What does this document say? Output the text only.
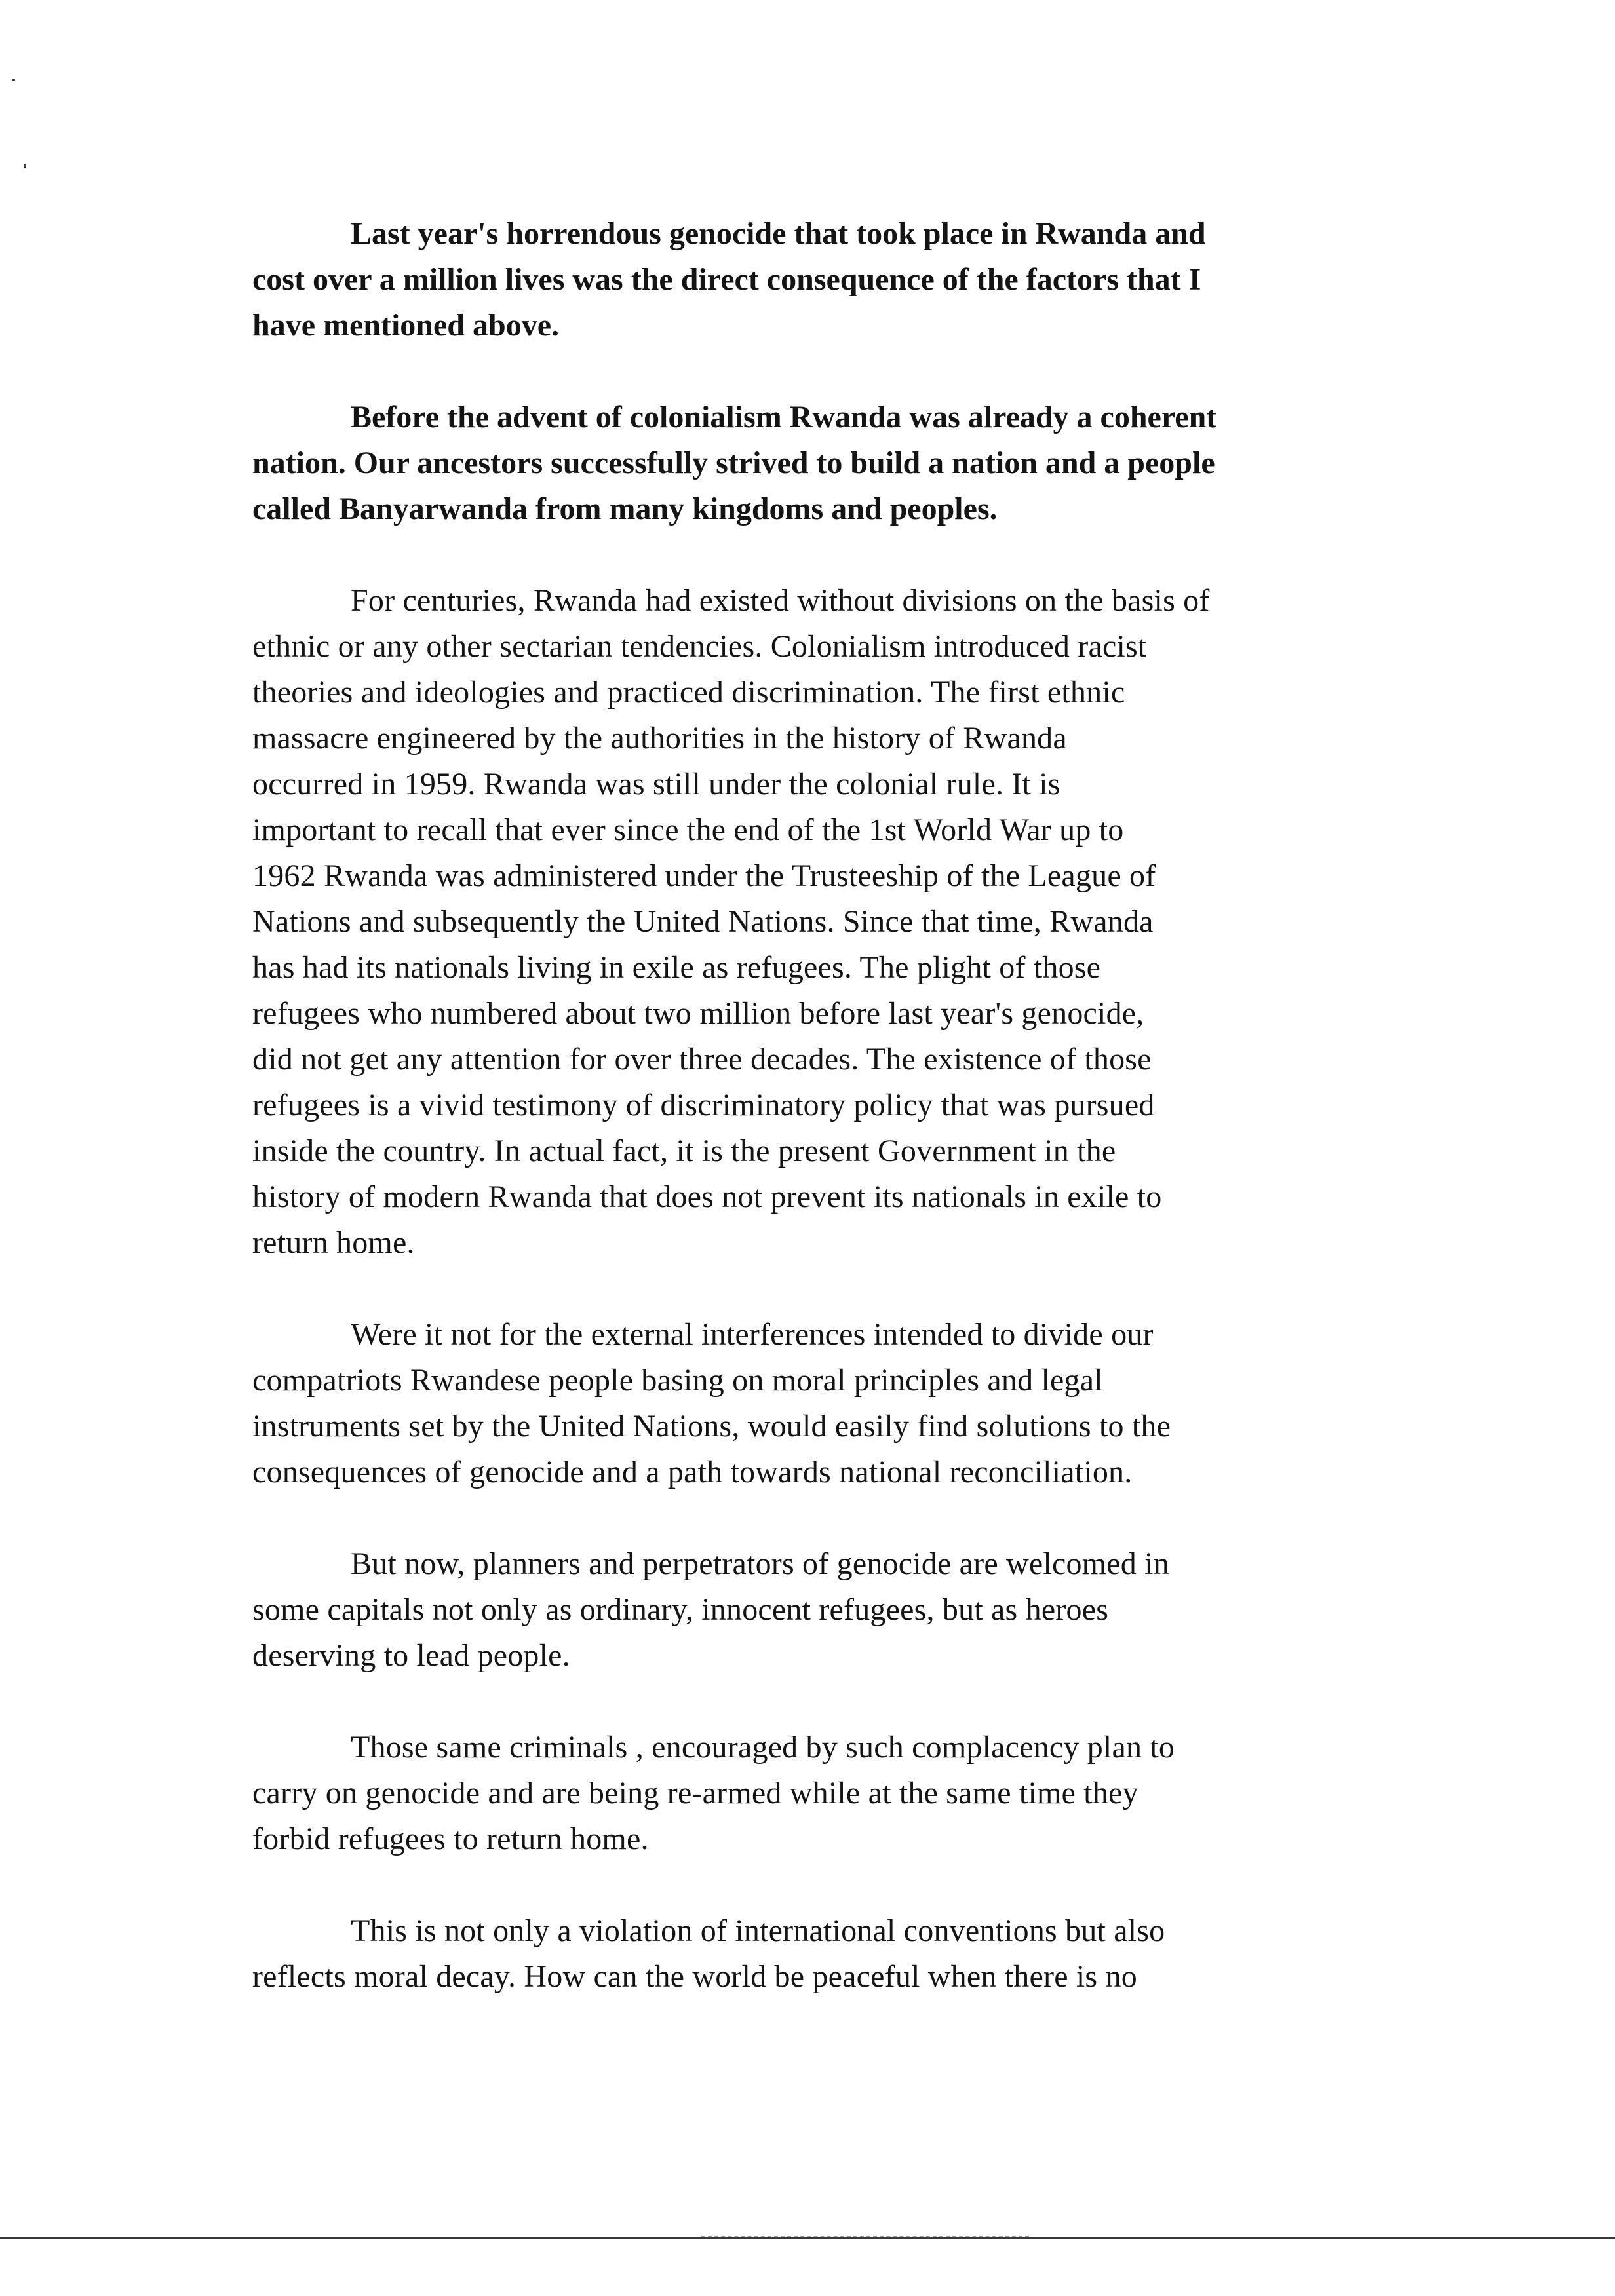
Last year's horrendous genocide that took place in Rwanda and
cost over a million lives was the direct consequence of the factors that I
have mentioned above.

Before the advent of colonialism Rwanda was already a coherent
nation. Our ancestors successfully strived to build a nation and a people
called Banyarwanda from many kingdoms and peoples.

For centuries, Rwanda had existed without divisions on the basis of
ethnic or any other sectarian tendencies. Colonialism introduced racist
theories and ideologies and practiced discrimination. The first ethnic
massacre engineered by the authorities in the history of Rwanda
occurred in 1959. Rwanda was still under the colonial rule. It is
important to recall that ever since the end of the 1st World War up to
1962 Rwanda was administered under the Trusteeship of the League of
Nations and subsequently the United Nations. Since that time, Rwanda
has had its nationals living in exile as refugees. The plight of those
refugees who numbered about two million before last year's genocide,
did not get any attention for over three decades. The existence of those
refugees is a vivid testimony of discriminatory policy that was pursued
inside the country. In actual fact, it is the present Government in the
history of modern Rwanda that does not prevent its nationals in exile to
return home.

Were it not for the external interferences intended to divide our
compatriots Rwandese people basing on moral principles and legal
instruments set by the United Nations, would easily find solutions to the
consequences of genocide and a path towards national reconciliation.

But now, planners and perpetrators of genocide are welcomed in
some capitals not only as ordinary, innocent refugees, but as heroes
deserving to lead people.

Those same criminals , encouraged by such complacency plan to
carry on genocide and are being re-armed while at the same time they
forbid refugees to return home.

This is not only a violation of international conventions but also
reflects moral decay. How can the world be peaceful when there is no
